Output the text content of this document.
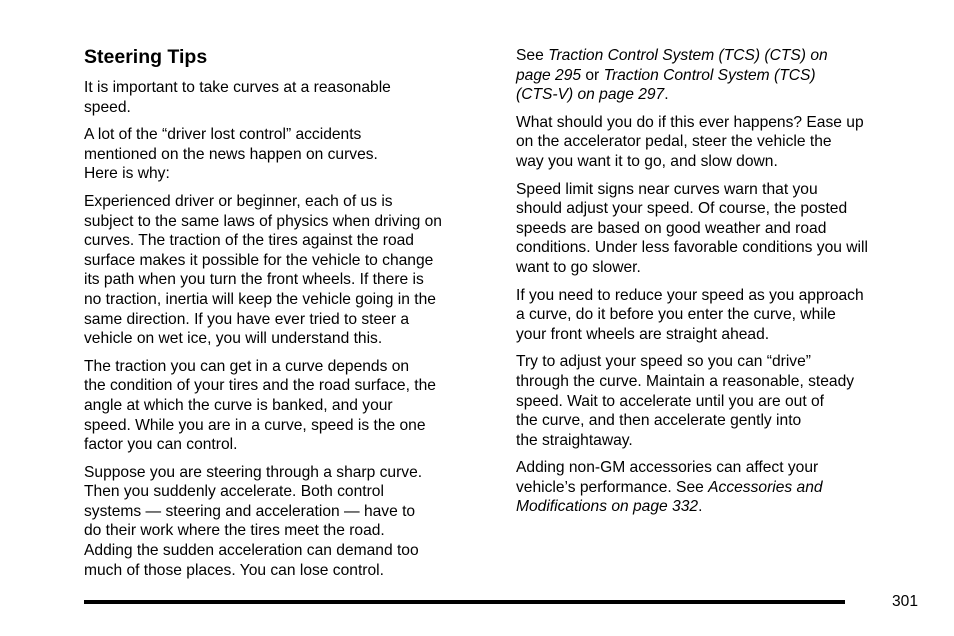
Steering Tips

It is important to take curves at a reasonable
speed.

A lot of the “driver lost control” accidents
mentioned on the news happen on curves.
Here is why:

Experienced driver or beginner, each of us is
subject to the same laws of physics when driving on
curves. The traction of the tires against the road
surface makes it possible for the vehicle to change
its path when you turn the front wheels. If there is
no traction, inertia will keep the vehicle going in the
same direction. If you have ever tried to steer a
vehicle on wet ice, you will understand this.

The traction you can get in a curve depends on
the condition of your tires and the road surface, the
angle at which the curve is banked, and your
speed. While you are in a curve, speed is the one
factor you can control.

Suppose you are steering through a sharp curve.
Then you suddenly accelerate. Both control
systems — steering and acceleration — have to
do their work where the tires meet the road.
Adding the sudden acceleration can demand too
much of those places. You can lose control.

See Traction Control System (TCS) (CTS) on
page 295 or Traction Control System (TCS)
(CTS-V) on page 297.

What should you do if this ever happens? Ease up
on the accelerator pedal, steer the vehicle the
way you want it to go, and slow down.

Speed limit signs near curves warn that you
should adjust your speed. Of course, the posted
speeds are based on good weather and road
conditions. Under less favorable conditions you will
want to go slower.

If you need to reduce your speed as you approach
a curve, do it before you enter the curve, while
your front wheels are straight ahead.

Try to adjust your speed so you can “drive”
through the curve. Maintain a reasonable, steady
speed. Wait to accelerate until you are out of
the curve, and then accelerate gently into
the straightaway.

Adding non-GM accessories can affect your
vehicle’s performance. See Accessories and
Modifications on page 332.

301
